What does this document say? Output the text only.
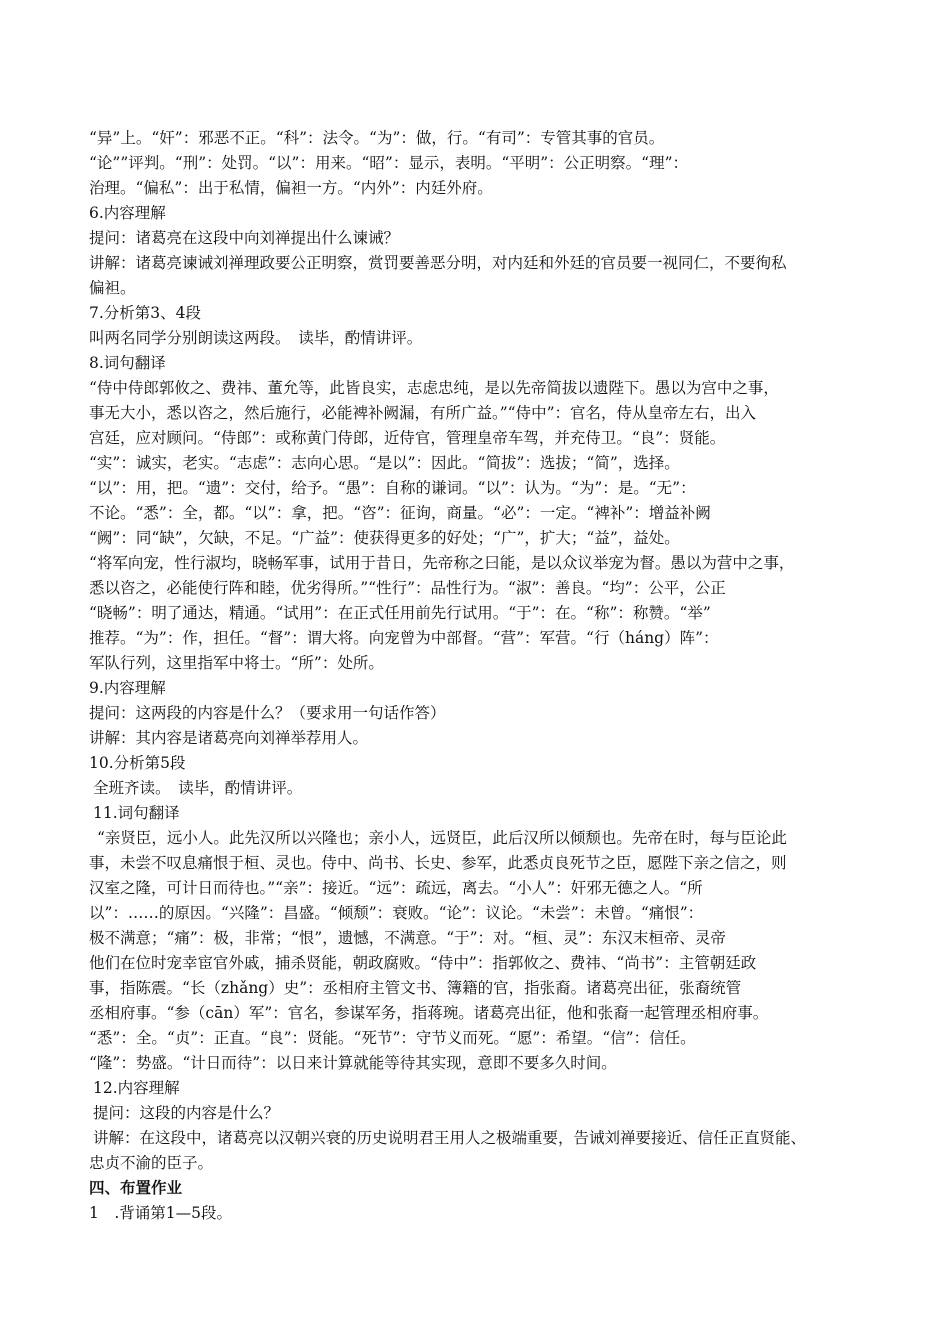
“异”上。“奸”：邪恶不正。“科”：法令。“为”：做，行。“有司”：专管其事的官员。
“论””评判。“刑”：处罚。“以”：用来。“昭”：显示，表明。“平明”：公正明察。“理”：
治理。“偏私”：出于私情，偏袒一方。“内外”：内廷外府。
6.内容理解
提问：诸葛亮在这段中向刘禅提出什么谏诫？
讲解：诸葛亮谏诫刘禅理政要公正明察，赏罚要善恶分明，对内廷和外廷的官员要一视同仁，不要徇私
偏袒。
7.分析第3、4段
叫两名同学分别朗读这两段。　读毕，酌情讲评。
8.词句翻译
“侍中侍郎郭攸之、费祎、董允等，此皆良实，志虑忠纯，是以先帝简拔以遗陛下。愚以为宫中之事，
事无大小，悉以咨之，然后施行，必能裨补阙漏，有所广益。”“侍中”：官名，侍从皇帝左右，出入
宫廷，应对顾问。“侍郎”：或称黄门侍郎，近侍官，管理皇帝车驾，并充侍卫。“良”：贤能。
“实”：诚实，老实。“志虑”：志向心思。“是以”：因此。“简拔”：选拔；“简”，选择。
“以”：用，把。“遗”：交付，给予。“愚”：自称的谦词。“以”：认为。“为”：是。“无”：
不论。“悉”：全，都。“以”：拿，把。“咨”：征询，商量。“必”：一定。“裨补”：增益补阙
“阙”：同“缺”，欠缺，不足。“广益”：使获得更多的好处；“广”，扩大；“益”，益处。
“将军向宠，性行淑均，晓畅军事，试用于昔日，先帝称之曰能，是以众议举宠为督。愚以为营中之事，
悉以咨之，必能使行阵和睦，优劣得所。”“性行”：品性行为。“淑”：善良。“均”：公平，公正
“晓畅”：明了通达，精通。“试用”：在正式任用前先行试用。“于”：在。“称”：称赞。“举”
推荐。“为”：作，担任。“督”：谓大将。向宠曾为中部督。“营”：军营。“行（háng）阵”：
军队行列，这里指军中将士。“所”：处所。
9.内容理解
提问：这两段的内容是什么？（要求用一句话作答）
讲解：其内容是诸葛亮向刘禅举荐用人。
10.分析第5段
全班齐读。　读毕，酌情讲评。
11.词句翻译
“亲贤臣，远小人。此先汉所以兴隆也；亲小人，远贤臣，此后汉所以倾颓也。先帝在时，每与臣论此
事，未尝不叹息痛恨于桓、灵也。侍中、尚书、长史、参军，此悉贞良死节之臣，愿陛下亲之信之，则
汉室之隆，可计日而待也。”“亲”：接近。“远”：疏远，离去。“小人”：奸邪无德之人。“所
以”：……的原因。“兴隆”：昌盛。“倾颓”：衰败。“论”：议论。“未尝”：未曾。“痛恨”：
极不满意；“痛”：极，非常；“恨”，遗憾，不满意。“于”：对。“桓、灵”：东汉末桓帝、灵帝
他们在位时宠幸宦官外戚，捕杀贤能，朝政腐败。“侍中”：指郭攸之、费祎、“尚书”：主管朝廷政
事，指陈震。“长（zhǎng）史”：丞相府主管文书、簿籍的官，指张裔。诸葛亮出征，张裔统管
丞相府事。“参（cān）军”：官名，参谋军务，指蒋琬。诸葛亮出征，他和张裔一起管理丞相府事。
“悉”：全。“贞”：正直。“良”：贤能。“死节”：守节义而死。“愿”：希望。“信”：信任。
“隆”：势盛。“计日而待”：以日来计算就能等待其实现，意即不要多久时间。
12.内容理解
提问：这段的内容是什么？
讲解：在这段中，诸葛亮以汉朝兴衰的历史说明君王用人之极端重要，告诫刘禅要接近、信任正直贤能、
忠贞不渝的臣子。
四、布置作业
1　.背诵第1—5段。
